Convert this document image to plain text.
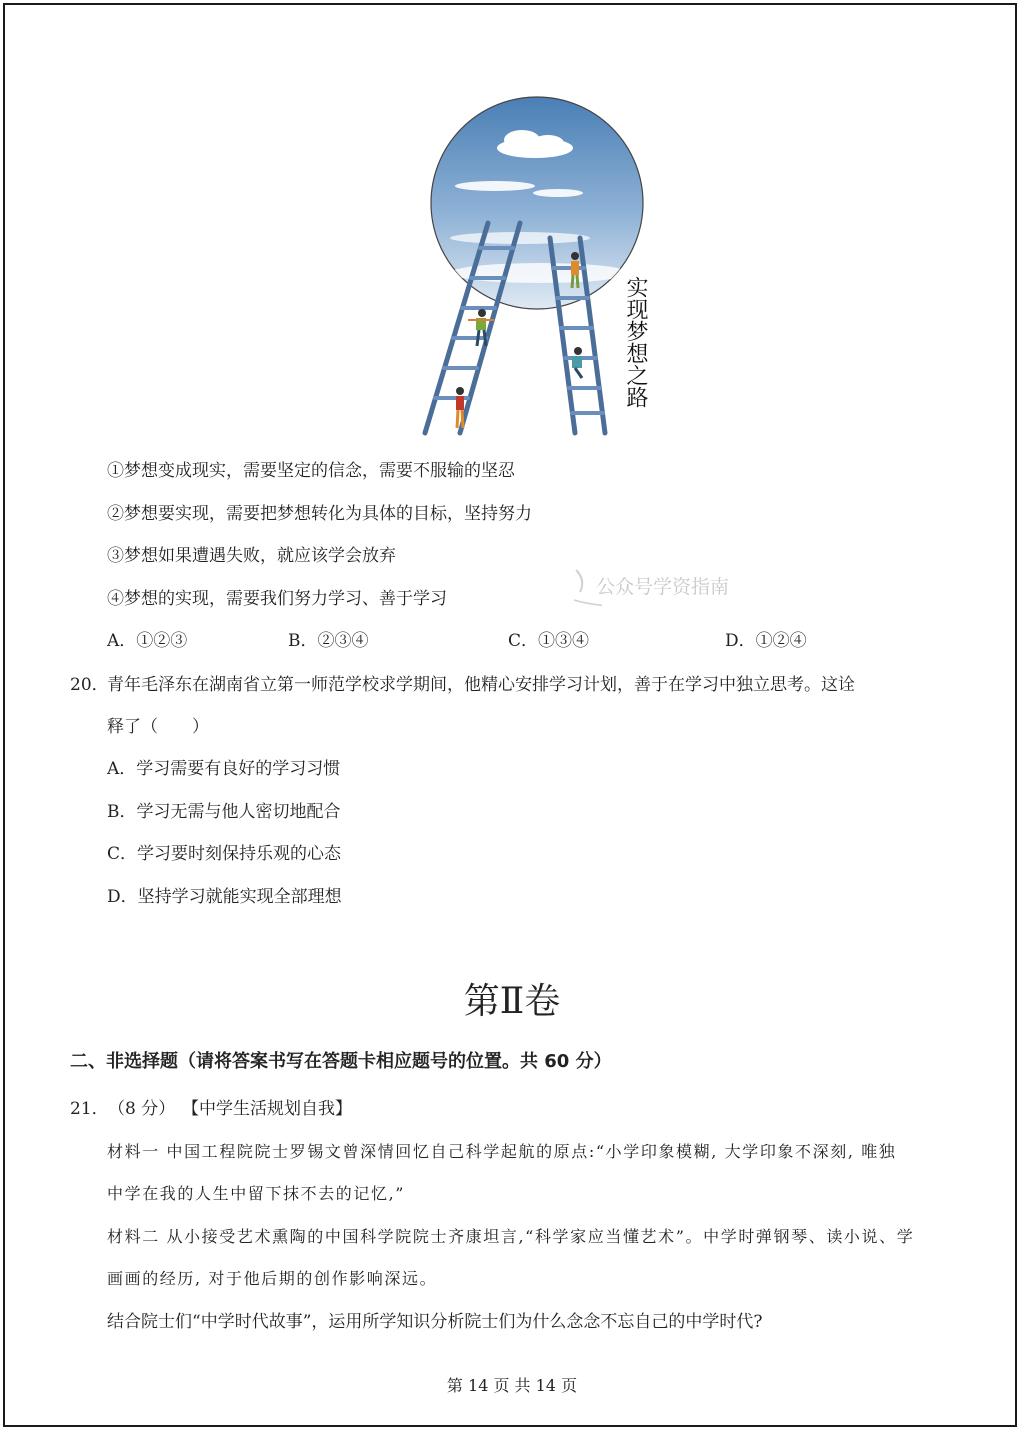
实现梦想之路
①梦想变成现实，需要坚定的信念，需要不服输的坚忍
②梦想要实现，需要把梦想转化为具体的目标，坚持努力
③梦想如果遭遇失败，就应该学会放弃
④梦想的实现，需要我们努力学习、善于学习
公众号学资指南
A．①②③	B．②③④	C．①③④	D．①②④
20．
青年毛泽东在湖南省立第一师范学校求学期间，他精心安排学习计划，善于在学习中独立思考。这诠
释了（　　）
A．学习需要有良好的学习习惯
B．学习无需与他人密切地配合
C．学习要时刻保持乐观的心态
D．坚持学习就能实现全部理想
第Ⅱ卷
二、非选择题（请将答案书写在答题卡相应题号的位置。共 60 分）
21． （8 分） 【中学生活规划自我】
材料一 中国工程院院士罗锡文曾深情回忆自己科学起航的原点:“小学印象模糊, 大学印象不深刻, 唯独
中学在我的人生中留下抹不去的记忆,”
材料二 从小接受艺术熏陶的中国科学院院士齐康坦言,“科学家应当懂艺术”。中学时弹钢琴、读小说、学
画画的经历, 对于他后期的创作影响深远。
结合院士们“中学时代故事”，运用所学知识分析院士们为什么念念不忘自己的中学时代?
第 14 页 共 14 页
